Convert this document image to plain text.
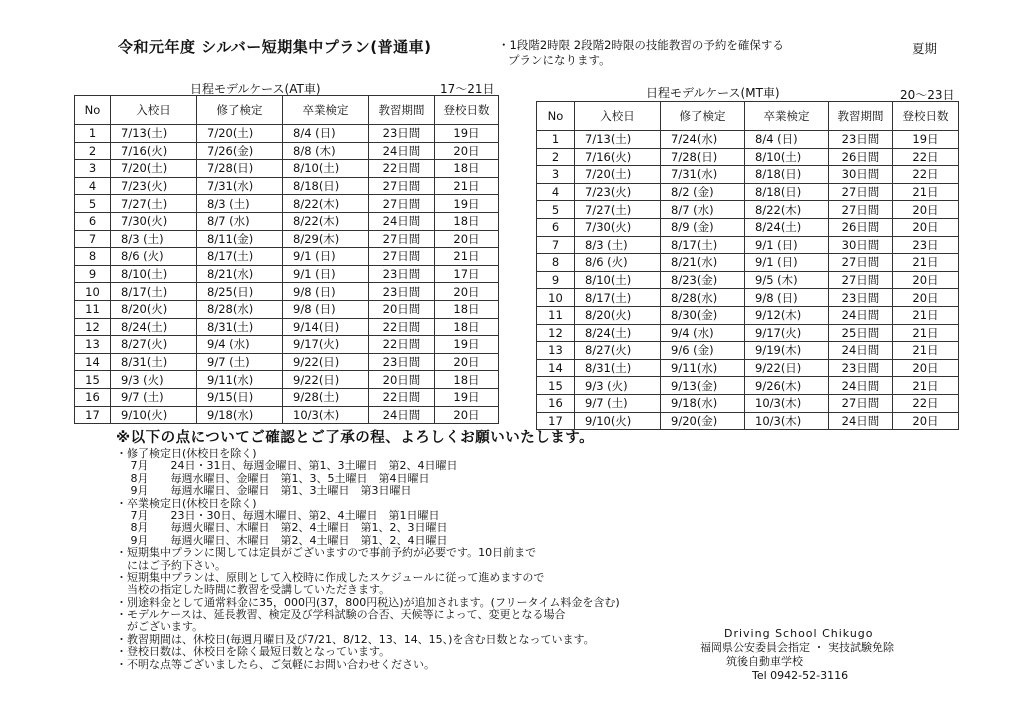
令和元年度 シルバー短期集中プラン(普通車)	・1段階2時限 2段階2時限の技能教習の予約を確保する
プランになります。
夏期
日程モデルケース(AT車)	17〜21日
No	入校日	修了検定	卒業検定	教習期間	登校日数
1	7/13(土)	7/20(土)	8/4 (日)	23日間	19日
2	7/16(火)	7/26(金)	8/8 (木)	24日間	20日
3	7/20(土)	7/28(日)	8/10(土)	22日間	18日
4	7/23(火)	7/31(水)	8/18(日)	27日間	21日
5	7/27(土)	8/3 (土)	8/22(木)	27日間	19日
6	7/30(火)	8/7 (水)	8/22(木)	24日間	18日
7	8/3 (土)	8/11(金)	8/29(木)	27日間	20日
8	8/6 (火)	8/17(土)	9/1 (日)	27日間	21日
9	8/10(土)	8/21(水)	9/1 (日)	23日間	17日
10	8/17(土)	8/25(日)	9/8 (日)	23日間	20日
11	8/20(火)	8/28(水)	9/8 (日)	20日間	18日
12	8/24(土)	8/31(土)	9/14(日)	22日間	18日
13	8/27(火)	9/4 (水)	9/17(火)	22日間	19日
14	8/31(土)	9/7 (土)	9/22(日)	23日間	20日
15	9/3 (火)	9/11(水)	9/22(日)	20日間	18日
16	9/7 (土)	9/15(日)	9/28(土)	22日間	19日
17	9/10(火)	9/18(水)	10/3(木)	24日間	20日
日程モデルケース(MT車)	20〜23日
No	入校日	修了検定	卒業検定	教習期間	登校日数
1	7/13(土)	7/24(水)	8/4 (日)	23日間	19日
2	7/16(火)	7/28(日)	8/10(土)	26日間	22日
3	7/20(土)	7/31(水)	8/18(日)	30日間	22日
4	7/23(火)	8/2 (金)	8/18(日)	27日間	21日
5	7/27(土)	8/7 (水)	8/22(木)	27日間	20日
6	7/30(火)	8/9 (金)	8/24(土)	26日間	20日
7	8/3 (土)	8/17(土)	9/1 (日)	30日間	23日
8	8/6 (火)	8/21(水)	9/1 (日)	27日間	21日
9	8/10(土)	8/23(金)	9/5 (木)	27日間	20日
10	8/17(土)	8/28(水)	9/8 (日)	23日間	20日
11	8/20(火)	8/30(金)	9/12(木)	24日間	21日
12	8/24(土)	9/4 (水)	9/17(火)	25日間	21日
13	8/27(火)	9/6 (金)	9/19(木)	24日間	21日
14	8/31(土)	9/11(水)	9/22(日)	23日間	20日
15	9/3 (火)	9/13(金)	9/26(木)	24日間	21日
16	9/7 (土)	9/18(水)	10/3(木)	27日間	22日
17	9/10(火)	9/20(金)	10/3(木)	24日間	20日
※以下の点についてご確認とご了承の程、よろしくお願いいたします。
・修了検定日(休校日を除く)
　 7月　　24日・31日、毎週金曜日、第1、3土曜日　第2、4日曜日
　 8月　　毎週水曜日、金曜日　第1、3、5土曜日　第4日曜日
　 9月　　毎週水曜日、金曜日　第1、3土曜日　第3日曜日
・卒業検定日(休校日を除く)
　 7月　　23日・30日、毎週木曜日、第2、4土曜日　第1日曜日
　 8月　　毎週火曜日、木曜日　第2、4土曜日　第1、2、3日曜日
　 9月　　毎週火曜日、木曜日　第2、4土曜日　第1、2、4日曜日
・短期集中プランに関しては定員がございますので事前予約が必要です。10日前まで
　にはご予約下さい。
・短期集中プランは、原則として入校時に作成したスケジュールに従って進めますので
　当校の指定した時間に教習を受講していただきます。
・別途料金として通常料金に35，000円(37，800円税込)が追加されます。(フリータイム料金を含む)
・モデルケースは、延長教習、検定及び学科試験の合否、天候等によって、変更となる場合
　がございます。
・教習期間は、休校日(毎週月曜日及び7/21、8/12、13、14、15、)を含む日数となっています。
・登校日数は、休校日を除く最短日数となっています。
・不明な点等ございましたら、ご気軽にお問い合わせください。
Driving School Chikugo
福岡県公安委員会指定 ・ 実技試験免除
筑後自動車学校
Tel 0942-52-3116
